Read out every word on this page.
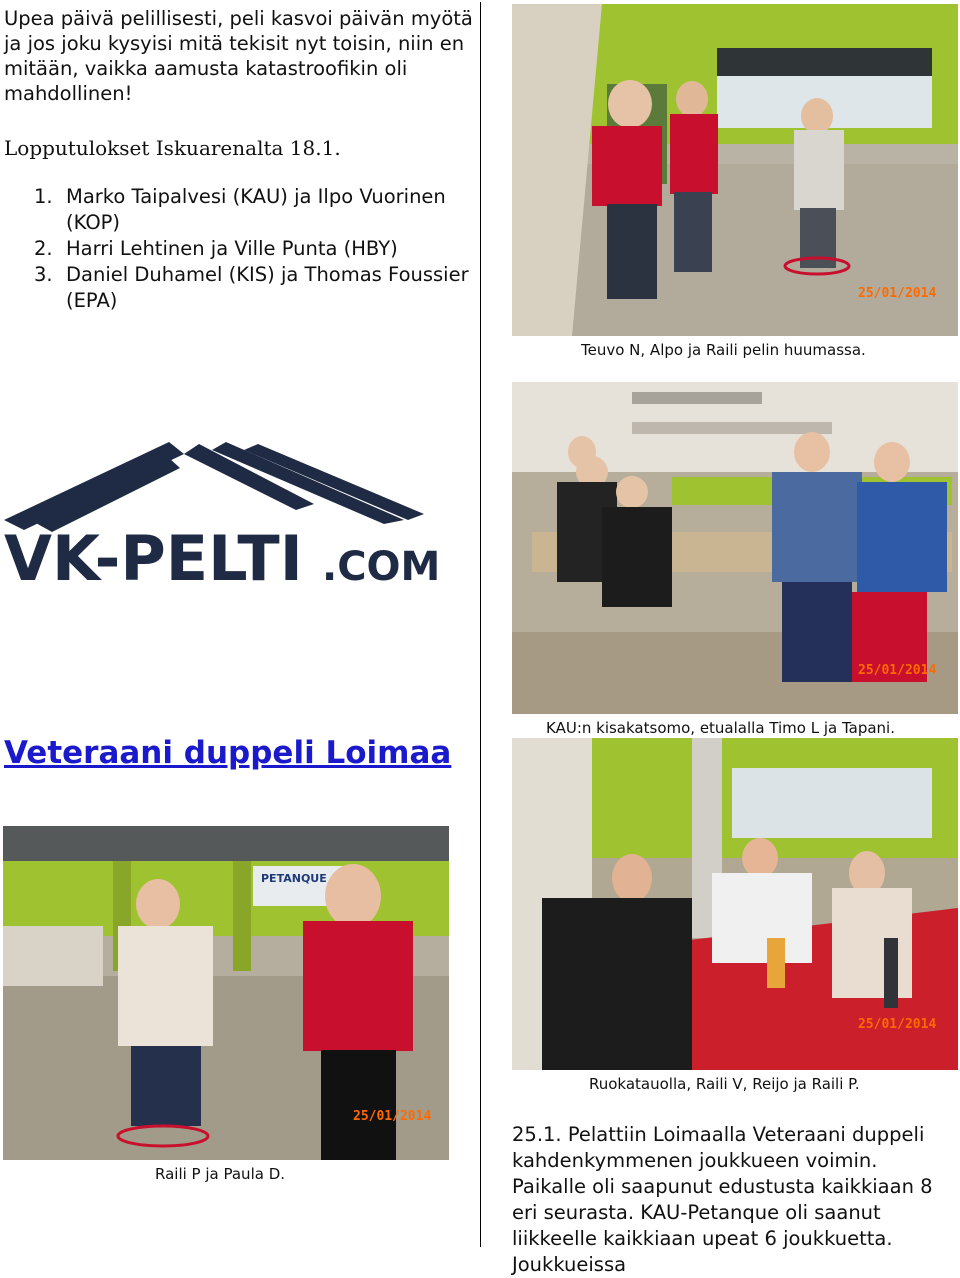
Upea päivä pelillisesti, peli kasvoi päivän myötä ja jos joku kysyisi mitä tekisit nyt toisin, niin en mitään, vaikka aamusta katastroofikin oli mahdollinen!

Lopputulokset Iskuarenalta 18.1.

1. Marko Taipalvesi (KAU) ja Ilpo Vuorinen (KOP)
2. Harri Lehtinen ja Ville Punta (HBY)
3. Daniel Duhamel (KIS) ja Thomas Foussier (EPA)	25/01/2014
Teuvo N, Alpo ja Raili pelin huumassa.
VK-PELTI .COM
25/01/2014
KAU:n kisakatsomo, etualalla Timo L ja Tapani.
Veteraani duppeli Loimaa
25/01/2014
Ruokatauolla, Raili V, Reijo ja Raili P.
PETANQUE
25/01/2014
Raili P ja Paula D.

25.1. Pelattiin Loimaalla Veteraani duppeli kahdenkymmenen joukkueen voimin. Paikalle oli saapunut edustusta kaikkiaan 8 eri seurasta. KAU-Petanque oli saanut liikkeelle kaikkiaan upeat 6 joukkuetta. Joukkueissa
